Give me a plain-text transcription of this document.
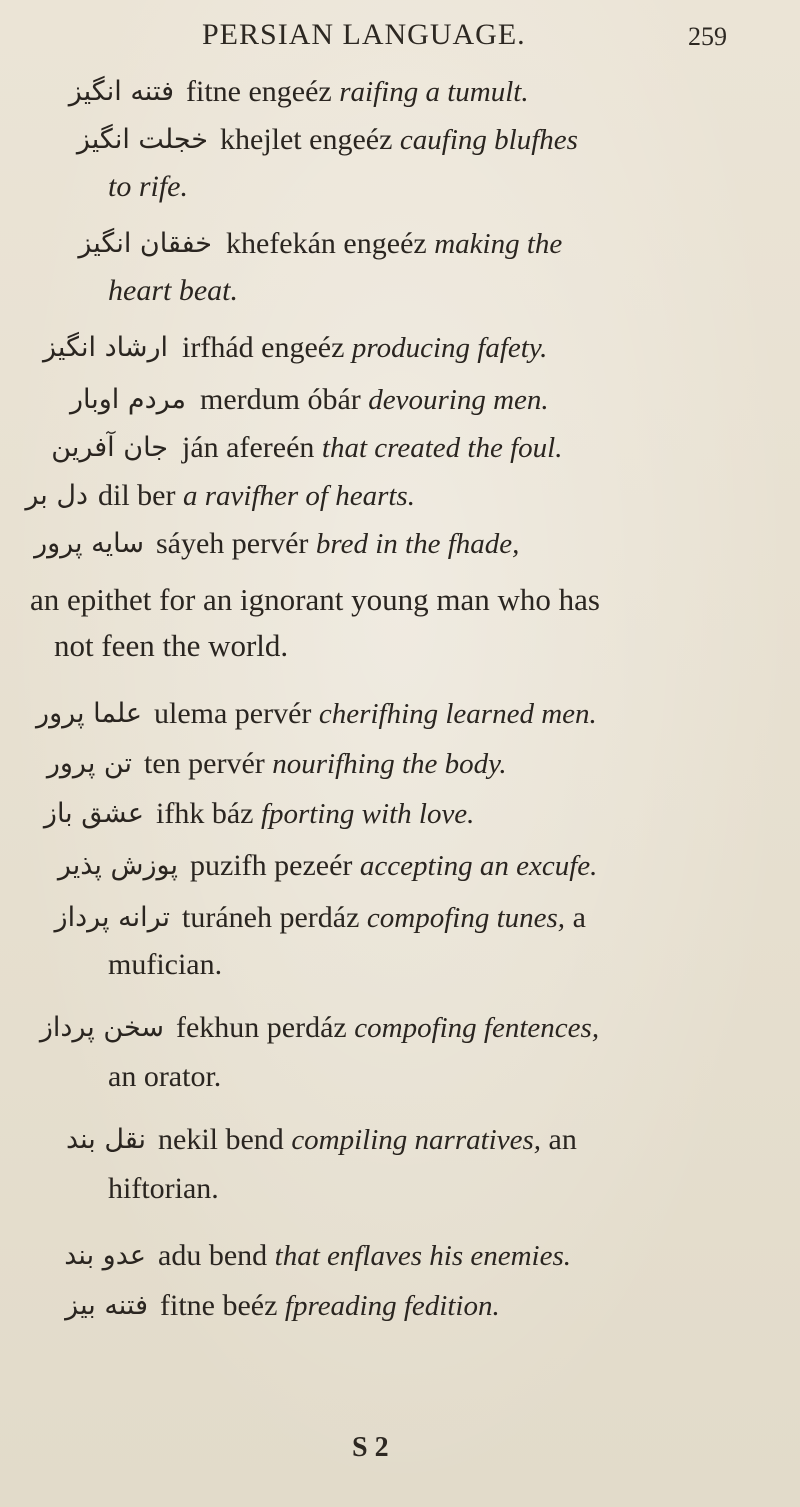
PERSIAN LANGUAGE.	259
فتنه انگيز fitne engeéz raifing a tumult.
خجلت انگيز khejlet engeéz caufing blufhes
to rife.
خفقان انگيز khefekán engeéz making the
heart beat.
ارشاد انگيز irfhád engeéz producing fafety.
مردم اوبار merdum óbár devouring men.
جان آفرين ján afereén that created the foul.
دل بر dil ber a ravifher of hearts.
سايه پرور sáyeh pervér bred in the fhade,
an epithet for an ignorant young man who has
not feen the world.
علما پرور ulema pervér cherifhing learned men.
تن پرور ten pervér nourifhing the body.
عشق باز ifhk báz fporting with love.
پوزش پذير puzifh pezeér accepting an excufe.
ترانه پرداز turáneh perdáz compofing tunes, a
mufician.
سخن پرداز fekhun perdáz compofing fentences,
an orator.
نقل بند nekil bend compiling narratives, an
hiftorian.
عدو بند adu bend that enflaves his enemies.
فتنه بيز fitne beéz fpreading fedition.
S 2
